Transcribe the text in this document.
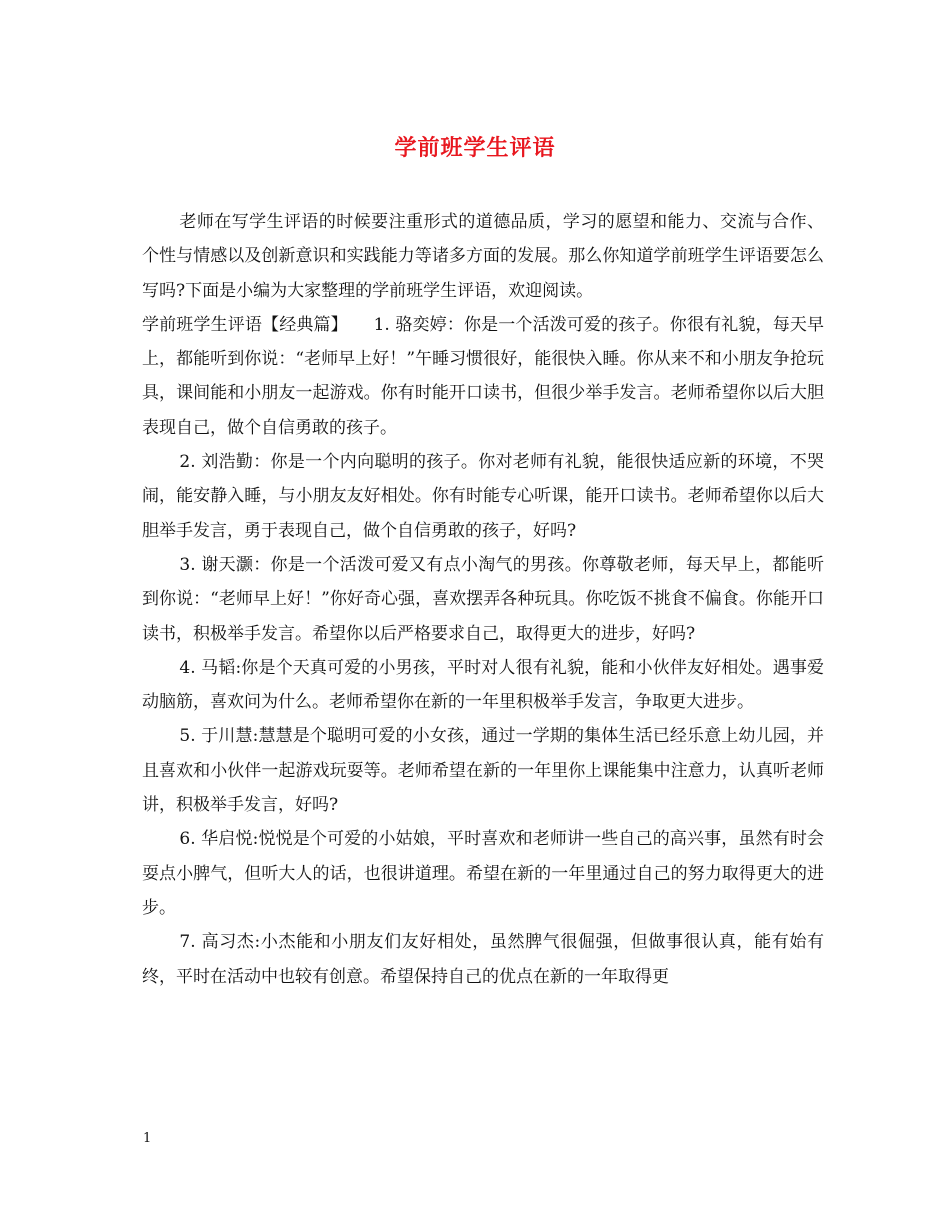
学前班学生评语

老师在写学生评语的时候要注重形式的道德品质，学习的愿望和能力、交流与合作、个性与情感以及创新意识和实践能力等诸多方面的发展。那么你知道学前班学生评语要怎么写吗?下面是小编为大家整理的学前班学生评语，欢迎阅读。

学前班学生评语【经典篇】　　1. 骆奕婷：你是一个活泼可爱的孩子。你很有礼貌，每天早上，都能听到你说：“老师早上好！”午睡习惯很好，能很快入睡。你从来不和小朋友争抢玩具，课间能和小朋友一起游戏。你有时能开口读书，但很少举手发言。老师希望你以后大胆表现自己，做个自信勇敢的孩子。

2. 刘浩勤：你是一个内向聪明的孩子。你对老师有礼貌，能很快适应新的环境，不哭闹，能安静入睡，与小朋友友好相处。你有时能专心听课，能开口读书。老师希望你以后大胆举手发言，勇于表现自己，做个自信勇敢的孩子，好吗?

3. 谢天灏：你是一个活泼可爱又有点小淘气的男孩。你尊敬老师，每天早上，都能听到你说：“老师早上好！”你好奇心强，喜欢摆弄各种玩具。你吃饭不挑食不偏食。你能开口读书，积极举手发言。希望你以后严格要求自己，取得更大的进步，好吗?

4. 马韬:你是个天真可爱的小男孩，平时对人很有礼貌，能和小伙伴友好相处。遇事爱动脑筋，喜欢问为什么。老师希望你在新的一年里积极举手发言，争取更大进步。

5. 于川慧:慧慧是个聪明可爱的小女孩，通过一学期的集体生活已经乐意上幼儿园，并且喜欢和小伙伴一起游戏玩耍等。老师希望在新的一年里你上课能集中注意力，认真听老师讲，积极举手发言，好吗?

6. 华启悦:悦悦是个可爱的小姑娘，平时喜欢和老师讲一些自己的高兴事，虽然有时会耍点小脾气，但听大人的话，也很讲道理。希望在新的一年里通过自己的努力取得更大的进步。

7. 高习杰:小杰能和小朋友们友好相处，虽然脾气很倔强，但做事很认真，能有始有终，平时在活动中也较有创意。希望保持自己的优点在新的一年取得更

1
